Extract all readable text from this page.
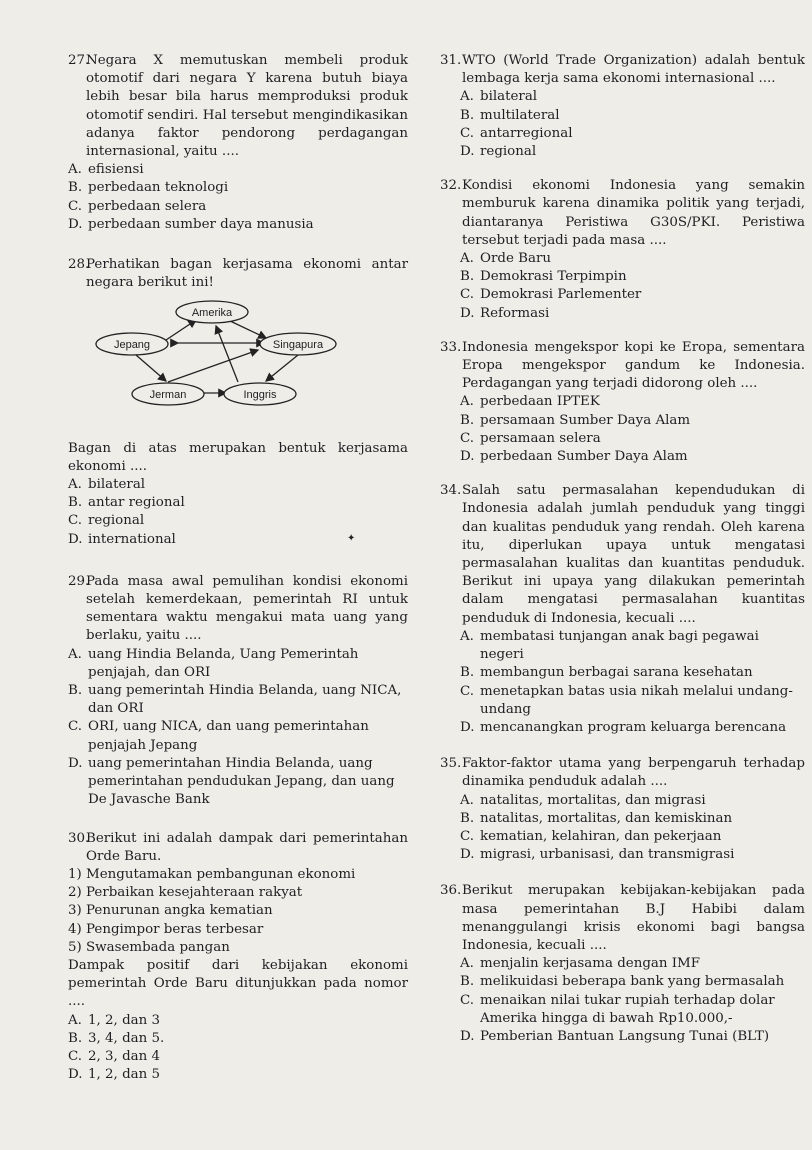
27.
Negara X memutuskan membeli produk otomotif dari negara Y karena butuh biaya lebih besar bila harus memproduksi produk otomotif sendiri. Hal tersebut mengindikasikan adanya faktor pendorong perdagangan internasional, yaitu ....
A. efisiensi
B. perbedaan teknologi
C. perbedaan selera
D. perbedaan sumber daya manusia
28.
Perhatikan bagan kerjasama ekonomi antar negara berikut ini!
Amerika
Jepang	Singapura
Jerman	Inggris
Bagan di atas merupakan bentuk kerjasama ekonomi ....
A. bilateral
B. antar regional
C. regional
D. international
29.
Pada masa awal pemulihan kondisi ekonomi setelah kemerdekaan, pemerintah RI untuk sementara waktu mengakui mata uang yang berlaku, yaitu ....
A. uang Hindia Belanda, Uang Pemerintah penjajah, dan ORI
B. uang pemerintah Hindia Belanda, uang NICA, dan ORI
C. ORI, uang NICA, dan uang pemerintahan penjajah Jepang
D. uang pemerintahan Hindia Belanda, uang pemerintahan pendudukan Jepang, dan uang De Javasche Bank
30.
Berikut ini adalah dampak dari pemerintahan Orde Baru.
1) Mengutamakan pembangunan ekonomi
2) Perbaikan kesejahteraan rakyat
3) Penurunan angka kematian
4) Pengimpor beras terbesar
5) Swasembada pangan
Dampak positif dari kebijakan ekonomi pemerintah Orde Baru ditunjukkan pada nomor ....
A. 1, 2, dan 3
B. 3, 4, dan 5.
C. 2, 3, dan 4
D. 1, 2, dan 5
31. WTO (World Trade Organization) adalah bentuk lembaga kerja sama ekonomi internasional ....
A. bilateral
B. multilateral
C. antarregional
D. regional
32. Kondisi ekonomi Indonesia yang semakin memburuk karena dinamika politik yang terjadi, diantaranya Peristiwa G30S/PKI. Peristiwa tersebut terjadi pada masa ....
A. Orde Baru
B. Demokrasi Terpimpin
C. Demokrasi Parlementer
D. Reformasi
33. Indonesia mengekspor kopi ke Eropa, sementara Eropa mengekspor gandum ke Indonesia. Perdagangan yang terjadi didorong oleh ....
A. perbedaan IPTEK
B. persamaan Sumber Daya Alam
C. persamaan selera
D. perbedaan Sumber Daya Alam
34. Salah satu permasalahan kependudukan di Indonesia adalah jumlah penduduk yang tinggi dan kualitas penduduk yang rendah. Oleh karena itu, diperlukan upaya untuk mengatasi permasalahan kualitas dan kuantitas penduduk. Berikut ini upaya yang dilakukan pemerintah dalam mengatasi permasalahan kuantitas penduduk di Indonesia, kecuali ....
A. membatasi tunjangan anak bagi pegawai negeri
B. membangun berbagai sarana kesehatan
C. menetapkan batas usia nikah melalui undang-undang
D. mencanangkan program keluarga berencana
35. Faktor-faktor utama yang berpengaruh terhadap dinamika penduduk adalah ....
A. natalitas, mortalitas, dan migrasi
B. natalitas, mortalitas, dan kemiskinan
C. kematian, kelahiran, dan pekerjaan
D. migrasi, urbanisasi, dan transmigrasi
36. Berikut merupakan kebijakan-kebijakan pada masa pemerintahan B.J Habibi dalam menanggulangi krisis ekonomi bagi bangsa Indonesia, kecuali ....
A. menjalin kerjasama dengan IMF
B. melikuidasi beberapa bank yang bermasalah
C. menaikan nilai tukar rupiah terhadap dolar Amerika hingga di bawah Rp10.000,-
D. Pemberian Bantuan Langsung Tunai (BLT)
✦
